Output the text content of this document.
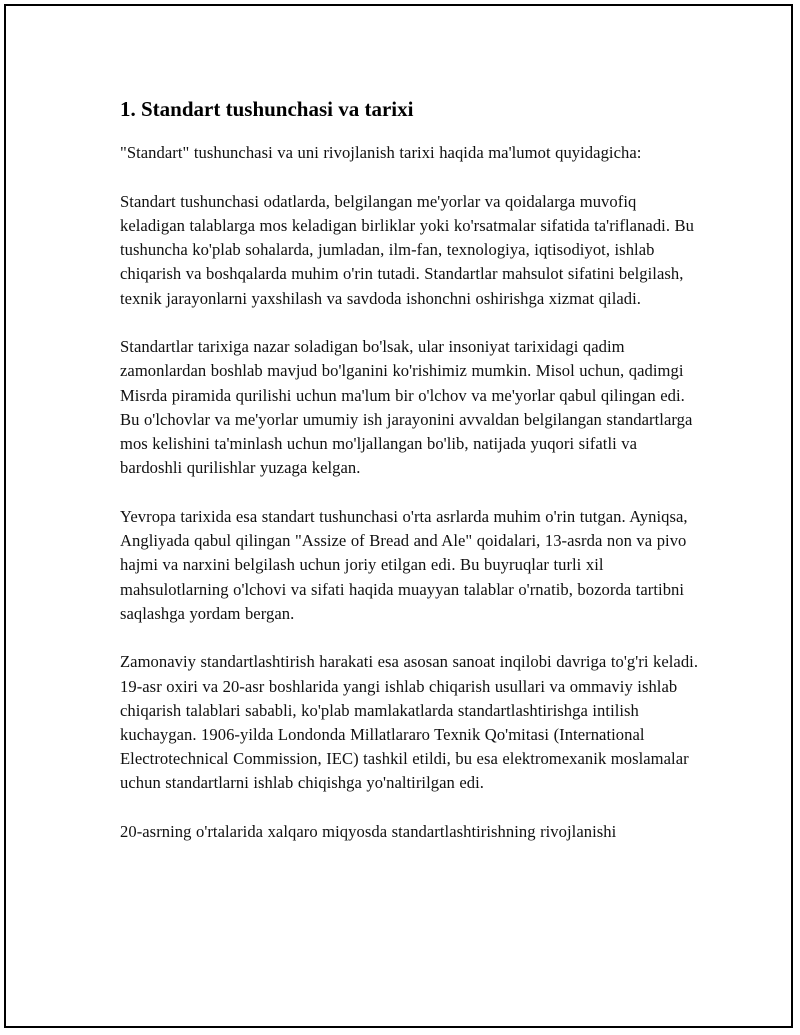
1. Standart tushunchasi va tarixi

"Standart" tushunchasi va uni rivojlanish tarixi haqida ma'lumot quyidagicha:

Standart tushunchasi odatlarda, belgilangan me'yorlar va qoidalarga muvofiq keladigan talablarga mos keladigan birliklar yoki ko'rsatmalar sifatida ta'riflanadi. Bu tushuncha ko'plab sohalarda, jumladan, ilm-fan, texnologiya, iqtisodiyot, ishlab chiqarish va boshqalarda muhim o'rin tutadi. Standartlar mahsulot sifatini belgilash, texnik jarayonlarni yaxshilash va savdoda ishonchni oshirishga xizmat qiladi.

Standartlar tarixiga nazar soladigan bo'lsak, ular insoniyat tarixidagi qadim zamonlardan boshlab mavjud bo'lganini ko'rishimiz mumkin. Misol uchun, qadimgi Misrda piramida qurilishi uchun ma'lum bir o'lchov va me'yorlar qabul qilingan edi. Bu o'lchovlar va me'yorlar umumiy ish jarayonini avvaldan belgilangan standartlarga mos kelishini ta'minlash uchun mo'ljallangan bo'lib, natijada yuqori sifatli va bardoshli qurilishlar yuzaga kelgan.

Yevropa tarixida esa standart tushunchasi o'rta asrlarda muhim o'rin tutgan. Ayniqsa, Angliyada qabul qilingan "Assize of Bread and Ale" qoidalari, 13-asrda non va pivo hajmi va narxini belgilash uchun joriy etilgan edi. Bu buyruqlar turli xil mahsulotlarning o'lchovi va sifati haqida muayyan talablar o'rnatib, bozorda tartibni saqlashga yordam bergan.

Zamonaviy standartlashtirish harakati esa asosan sanoat inqilobi davriga to'g'ri keladi. 19-asr oxiri va 20-asr boshlarida yangi ishlab chiqarish usullari va ommaviy ishlab chiqarish talablari sababli, ko'plab mamlakatlarda standartlashtirishga intilish kuchaygan. 1906-yilda Londonda Millatlararo Texnik Qo'mitasi (International Electrotechnical Commission, IEC) tashkil etildi, bu esa elektromexanik moslamalar uchun standartlarni ishlab chiqishga yo'naltirilgan edi.

20-asrning o'rtalarida xalqaro miqyosda standartlashtirishning rivojlanishi
